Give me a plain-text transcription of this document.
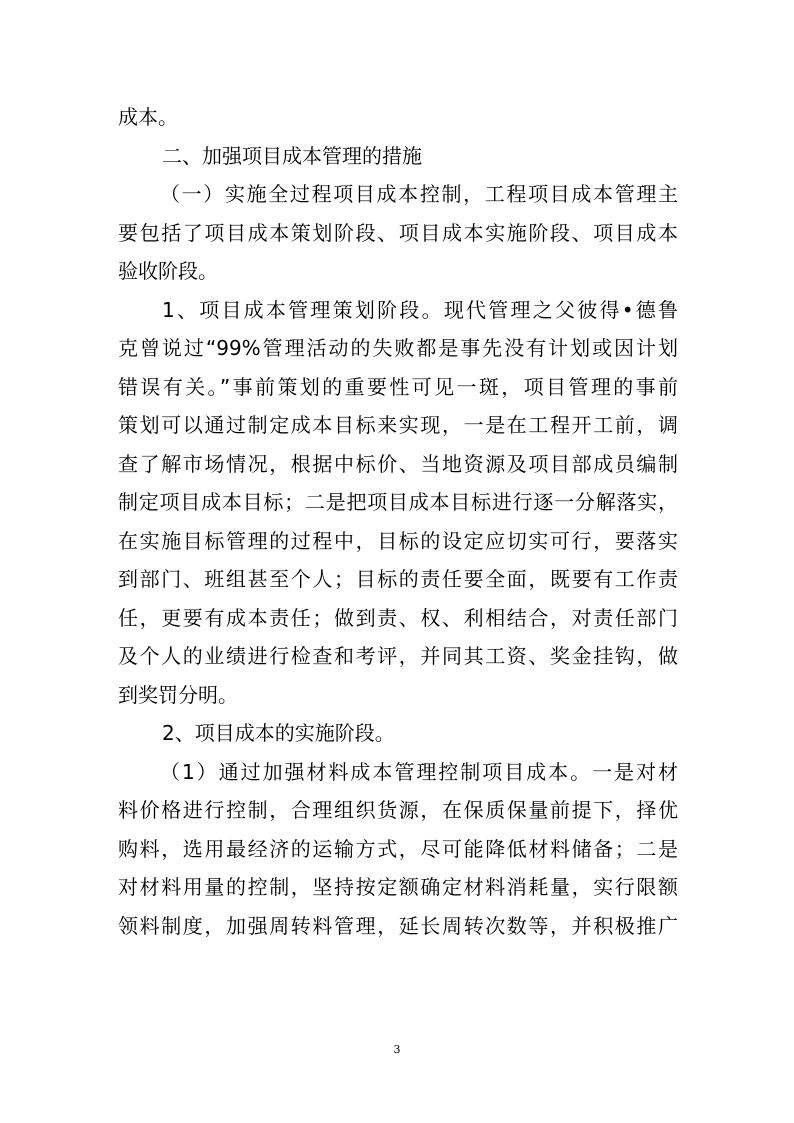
成本。
二、加强项目成本管理的措施
（一）实施全过程项目成本控制，工程项目成本管理主
要包括了项目成本策划阶段、项目成本实施阶段、项目成本
验收阶段。
1、项目成本管理策划阶段。现代管理之父彼得•德鲁
克曾说过“99%管理活动的失败都是事先没有计划或因计划
错误有关。”事前策划的重要性可见一斑，项目管理的事前
策划可以通过制定成本目标来实现，一是在工程开工前，调
查了解市场情况，根据中标价、当地资源及项目部成员编制
制定项目成本目标；二是把项目成本目标进行逐一分解落实，
在实施目标管理的过程中，目标的设定应切实可行，要落实
到部门、班组甚至个人；目标的责任要全面，既要有工作责
任，更要有成本责任；做到责、权、利相结合，对责任部门
及个人的业绩进行检查和考评，并同其工资、奖金挂钩，做
到奖罚分明。
2、项目成本的实施阶段。
（1）通过加强材料成本管理控制项目成本。一是对材
料价格进行控制，合理组织货源，在保质保量前提下，择优
购料，选用最经济的运输方式，尽可能降低材料储备；二是
对材料用量的控制，坚持按定额确定材料消耗量，实行限额
领料制度，加强周转料管理，延长周转次数等，并积极推广
3
